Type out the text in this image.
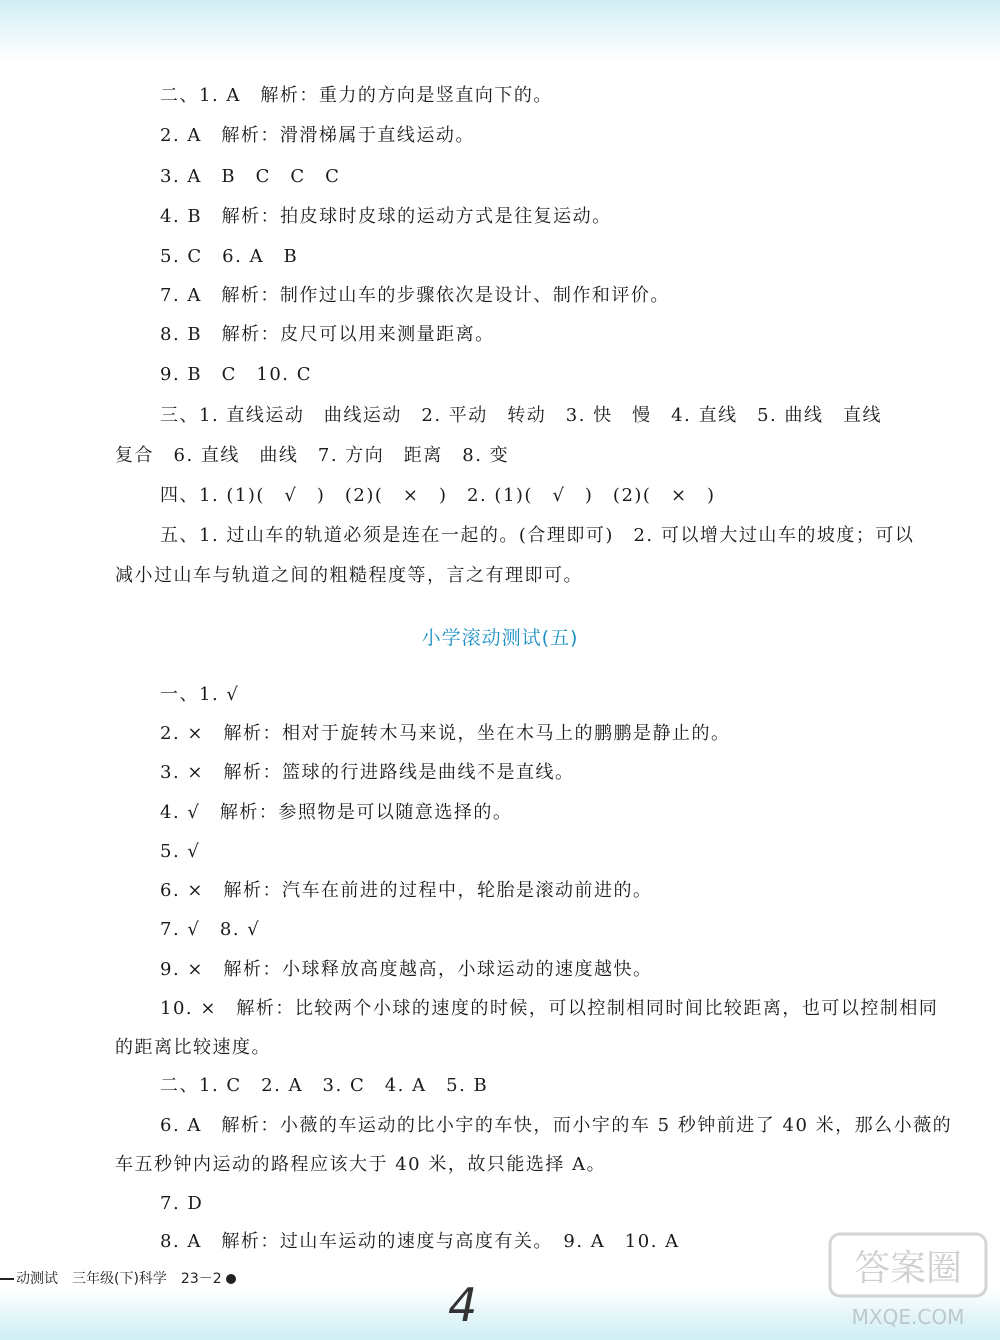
二、1. A　解析：重力的方向是竖直向下的。
2. A　解析：滑滑梯属于直线运动。
3. A　B　C　C　C
4. B　解析：拍皮球时皮球的运动方式是往复运动。
5. C　6. A　B
7. A　解析：制作过山车的步骤依次是设计、制作和评价。
8. B　解析：皮尺可以用来测量距离。
9. B　C　10. C
三、1. 直线运动　曲线运动　2. 平动　转动　3. 快　慢　4. 直线　5. 曲线　直线
复合　6. 直线　曲线　7. 方向　距离　8. 变
四、1. (1)(　√　)　(2)(　×　)　2. (1)(　√　)　(2)(　×　)
五、1. 过山车的轨道必须是连在一起的。(合理即可)　2. 可以增大过山车的坡度；可以
减小过山车与轨道之间的粗糙程度等，言之有理即可。
小学滚动测试(五)
一、1. √
2. ×　解析：相对于旋转木马来说，坐在木马上的鹏鹏是静止的。
3. ×　解析：篮球的行进路线是曲线不是直线。
4. √　解析：参照物是可以随意选择的。
5. √
6. ×　解析：汽车在前进的过程中，轮胎是滚动前进的。
7. √　8. √
9. ×　解析：小球释放高度越高，小球运动的速度越快。
10. ×　解析：比较两个小球的速度的时候，可以控制相同时间比较距离，也可以控制相同
的距离比较速度。
二、1. C　2. A　3. C　4. A　5. B
6. A　解析：小薇的车运动的比小宇的车快，而小宇的车 5 秒钟前进了 40 米，那么小薇的
车五秒钟内运动的路程应该大于 40 米，故只能选择 A。
7. D
8. A　解析：过山车运动的速度与高度有关。　9. A　10. A
动测试　三年级(下)科学　23－2	4
答案圈
MXQE.COM
